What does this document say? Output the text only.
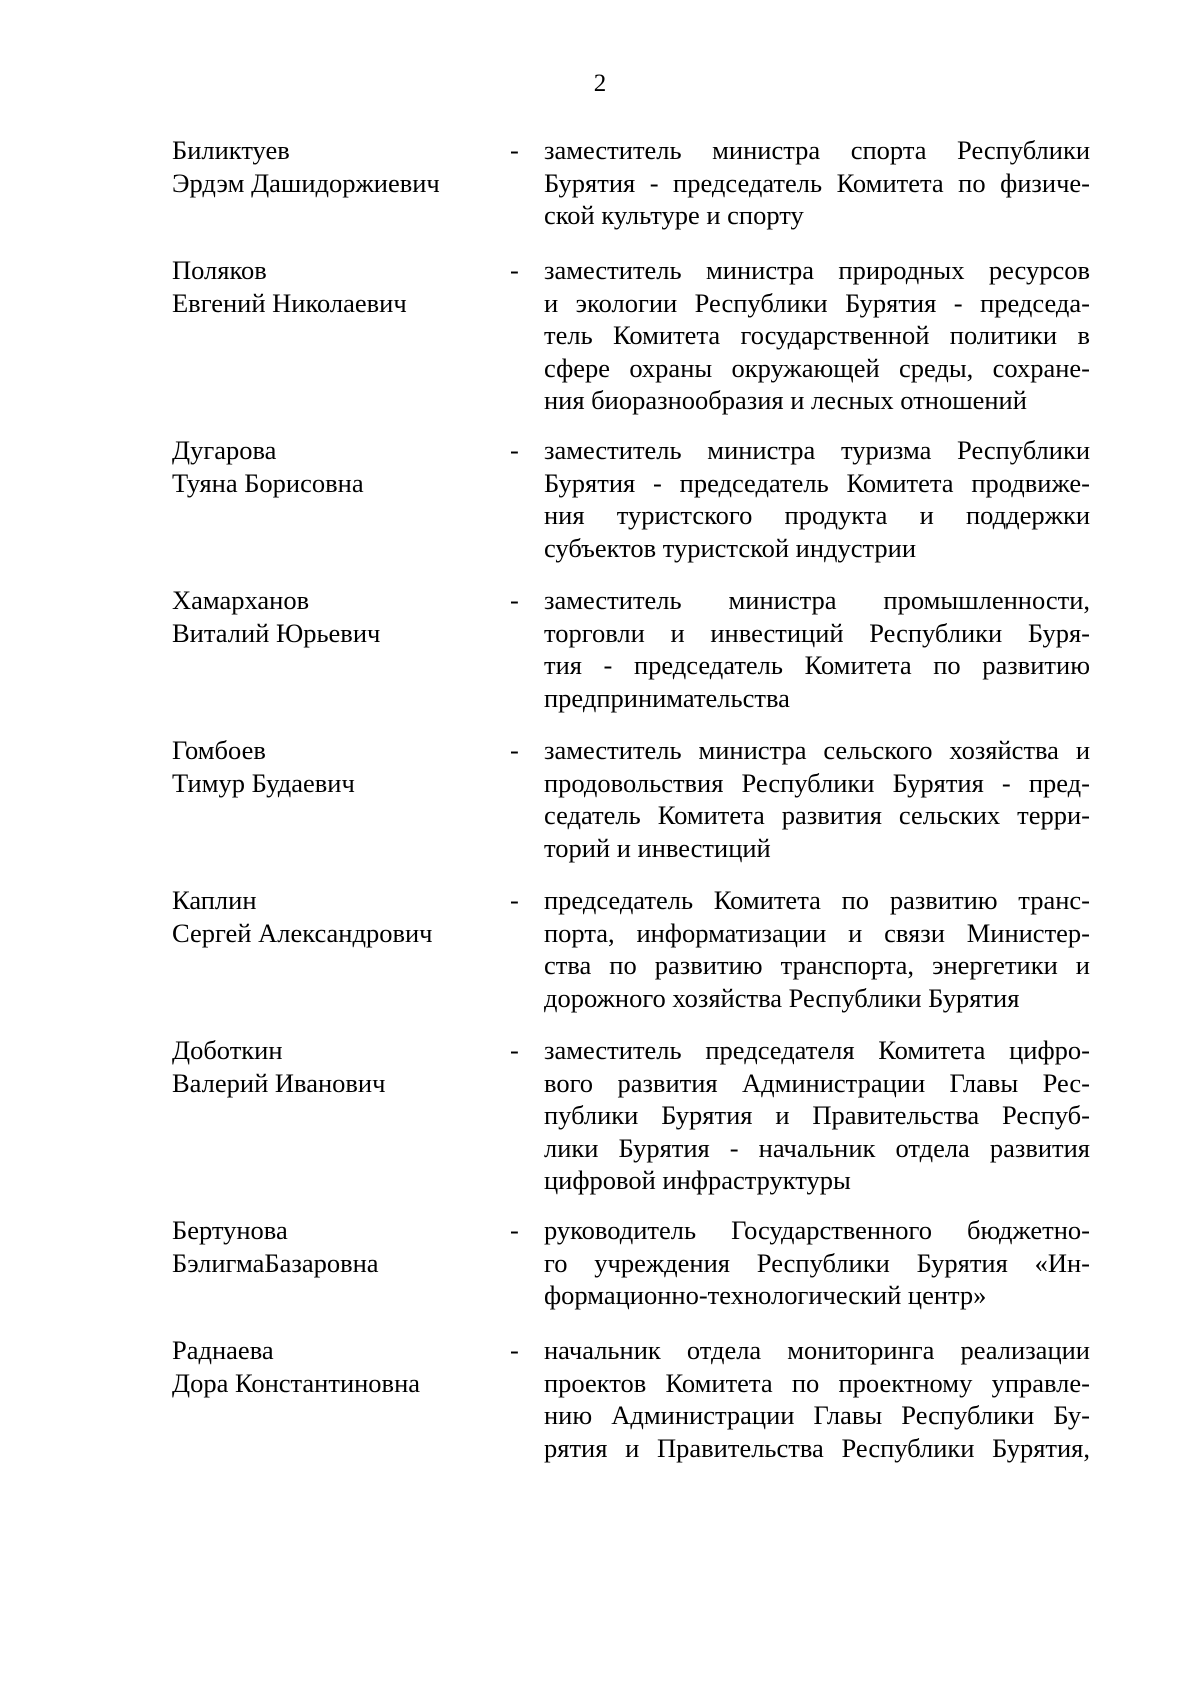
2
Биликтуев
Эрдэм Дашидоржиевич
- заместитель министра спорта Республики
Бурятия - председатель Комитета по физиче-
ской культуре и спорту
Поляков
Евгений Николаевич
- заместитель министра природных ресурсов
и экологии Республики Бурятия - председа-
тель Комитета государственной политики в
сфере охраны окружающей среды, сохране-
ния биоразнообразия и лесных отношений
Дугарова
Туяна Борисовна
- заместитель министра туризма Республики
Бурятия - председатель Комитета продвиже-
ния туристского продукта и поддержки
субъектов туристской индустрии
Хамарханов
Виталий Юрьевич
- заместитель министра промышленности,
торговли и инвестиций Республики Буря-
тия - председатель Комитета по развитию
предпринимательства
Гомбоев
Тимур Будаевич
- заместитель министра сельского хозяйства и
продовольствия Республики Бурятия - пред-
седатель Комитета развития сельских терри-
торий и инвестиций
Каплин
Сергей Александрович
- председатель Комитета по развитию транс-
порта, информатизации и связи Министер-
ства по развитию транспорта, энергетики и
дорожного хозяйства Республики Бурятия
Доботкин
Валерий Иванович
- заместитель председателя Комитета цифро-
вого развития Администрации Главы Рес-
публики Бурятия и Правительства Респуб-
лики Бурятия - начальник отдела развития
цифровой инфраструктуры
Бертунова
БэлигмаБазаровна
- руководитель Государственного бюджетно-
го учреждения Республики Бурятия «Ин-
формационно-технологический центр»
Раднаева
Дора Константиновна
- начальник отдела мониторинга реализации
проектов Комитета по проектному управле-
нию Администрации Главы Республики Бу-
рятия и Правительства Республики Бурятия,
